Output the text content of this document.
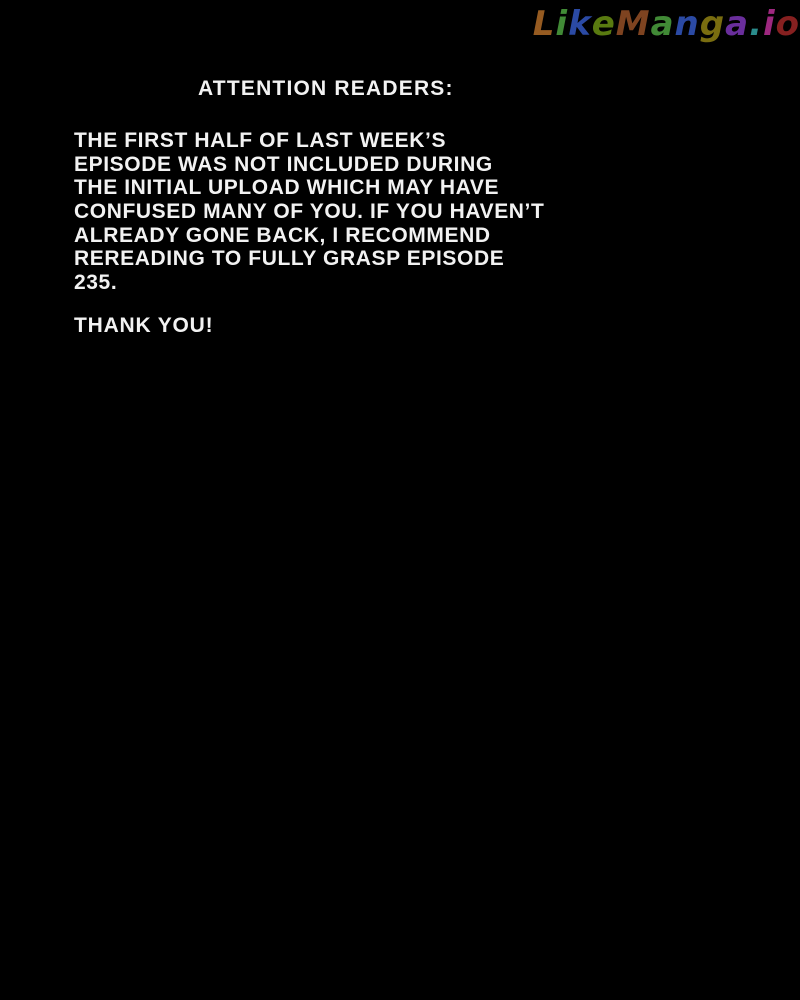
LikeManga.io
ATTENTION READERS:
THE FIRST HALF OF LAST WEEK’S
EPISODE WAS NOT INCLUDED DURING
THE INITIAL UPLOAD WHICH MAY HAVE
CONFUSED MANY OF YOU. IF YOU HAVEN’T
ALREADY GONE BACK, I RECOMMEND
REREADING TO FULLY GRASP EPISODE
235.
THANK YOU!
